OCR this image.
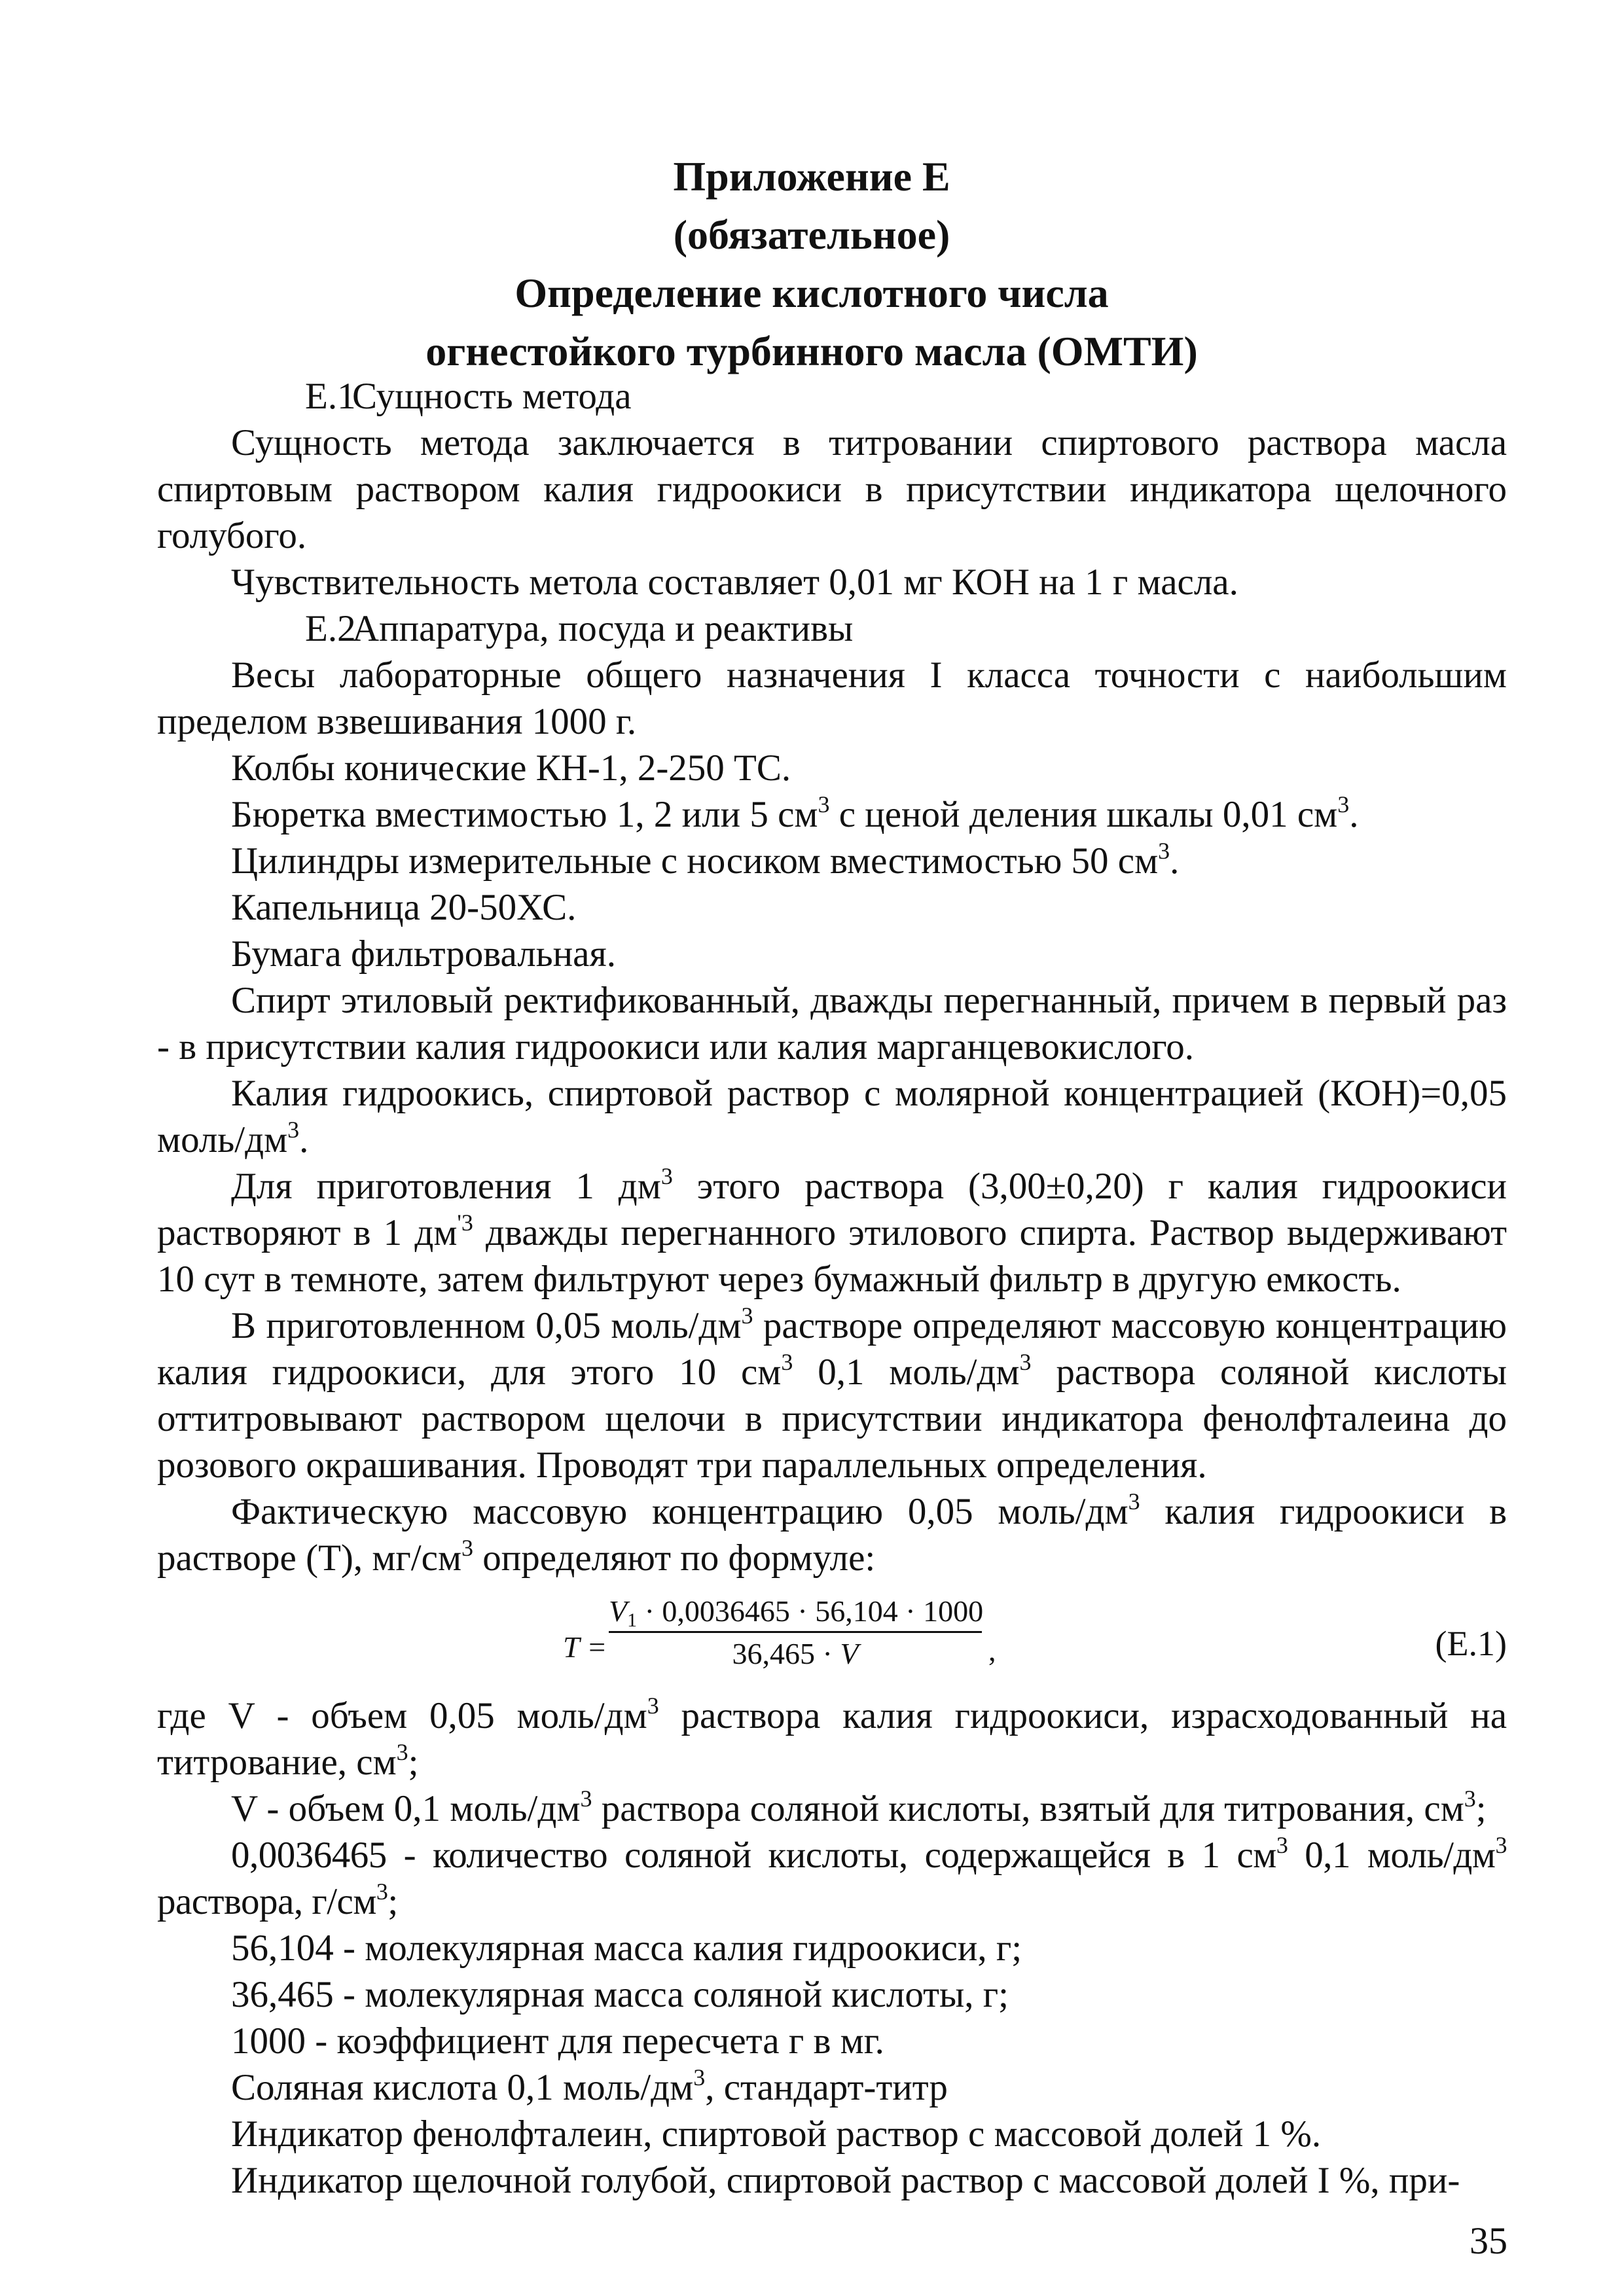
Приложение Е
(обязательное)
Определение кислотного числа
огнестойкого турбинного масла (ОМТИ)

Е.1Сущность метода

Сущность метода заключается в титровании спиртового раствора масла спиртовым раствором калия гидроокиси в присутствии индикатора щелочного голубого.

Чувствительность метола составляет 0,01 мг КОН на 1 г масла.

Е.2Аппаратура, посуда и реактивы

Весы лабораторные общего назначения I класса точности с наибольшим пределом взвешивания 1000 г.

Колбы конические КН-1, 2-250 ТС.

Бюретка вместимостью 1, 2 или 5 $см^3$ с ценой деления шкалы 0,01 $см^3$.

Цилиндры измерительные с носиком вместимостью 50 $см^3$.

Капельница 20-50ХС.

Бумага фильтровальная.

Спирт этиловый ректификованный, дважды перегнанный, причем в первый раз - в присутствии калия гидроокиси или калия марганцевокислого.

Калия гидроокись, спиртовой раствор с молярной концентрацией (КОН)=0,05 моль/$дм^3$.

Для приготовления 1 $дм^3$ этого раствора (3,00±0,20) г калия гидроокиси растворяют в 1 $дм^{'3}$ дважды перегнанного этилового спирта. Раствор выдерживают 10 сут в темноте, затем фильтруют через бумажный фильтр в другую емкость.

В приготовленном 0,05 моль/$дм^3$ растворе определяют массовую концентрацию калия гидроокиси, для этого 10 $см^3$ 0,1 моль/$дм^3$ раствора соляной кислоты оттитровывают раствором щелочи в присутствии индикатора фенолфталеина до розового окрашивания. Проводят три параллельных определения.

Фактическую массовую концентрацию 0,05 моль/$дм^3$ калия гидроокиси в растворе (Т), $мг/см^3$ определяют по формуле:

T =
$V_1 \cdot 0,0036465 \cdot 56,104 \cdot 1000$
36,465 · V	,	(Е.1)

где V - объем 0,05 моль/$дм^3$ раствора калия гидроокиси, израсходованный на титрование, $см^3$;

V - объем 0,1 моль/$дм^3$ раствора соляной кислоты, взятый для титрования, $см^3$;

0,0036465 - количество соляной кислоты, содержащейся в 1 $см^3$ 0,1 моль/$дм^3$ раствора, $г/см^3$;

56,104 - молекулярная масса калия гидроокиси, г;

36,465 - молекулярная масса соляной кислоты, г;

1000 - коэффициент для пересчета г в мг.

Соляная кислота 0,1 моль/$дм^3$, стандарт-титр

Индикатор фенолфталеин, спиртовой раствор с массовой долей 1 %.

Индикатор щелочной голубой, спиртовой раствор с массовой долей I %, при-

35
